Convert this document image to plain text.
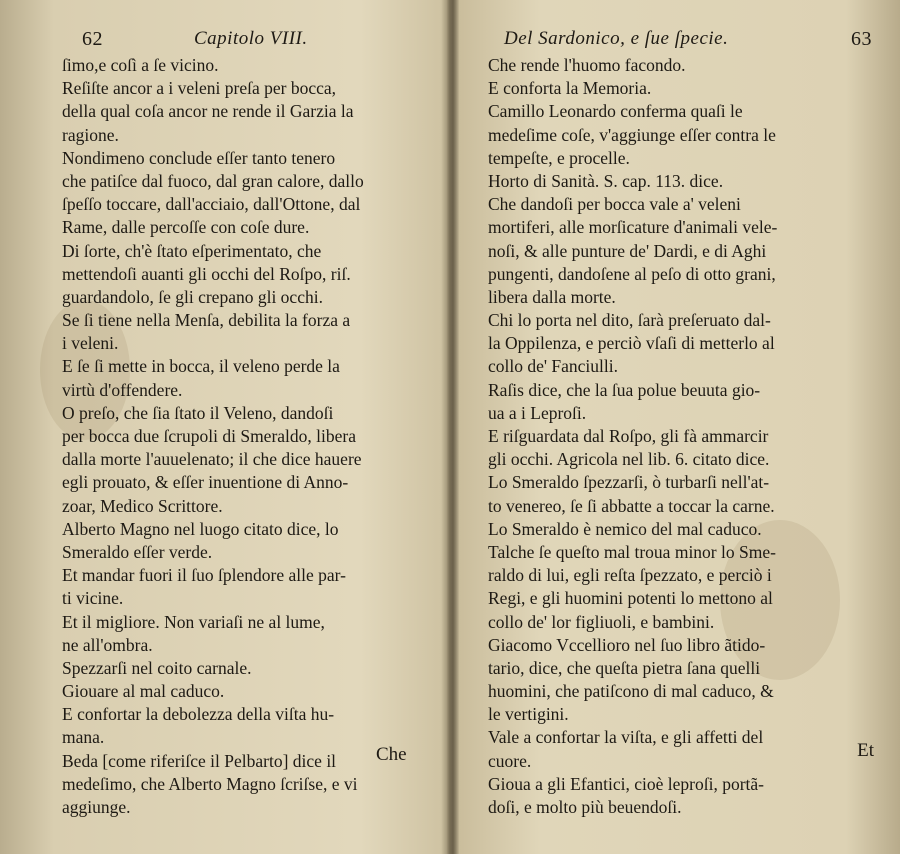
62	Capitolo VIII.
ſimo,e coſì a ſe vicino.
Reſiſte ancor a i veleni preſa per bocca,
della qual coſa ancor ne rende il Garzia la
ragione.
Nondimeno conclude eſſer tanto tenero
che patiſce dal fuoco, dal gran calore, dallo
ſpeſſo toccare, dall'acciaio, dall'Ottone, dal
Rame, dalle percoſſe con coſe dure.
Di ſorte, ch'è ſtato eſperimentato, che
mettendoſi auanti gli occhi del Roſpo, riſ.
guardandolo, ſe gli crepano gli occhi.
Se ſi tiene nella Menſa, debilita la forza a
i veleni.
E ſe ſi mette in bocca, il veleno perde la
virtù d'offendere.
O preſo, che ſia ſtato il Veleno, dandoſi
per bocca due ſcrupoli di Smeraldo, libera
dalla morte l'auuelenato; il che dice hauere
egli prouato, & eſſer inuentione di Anno-
zoar, Medico Scrittore.
Alberto Magno nel luogo citato dice, lo
Smeraldo eſſer verde.
Et mandar fuori il ſuo ſplendore alle par-
ti vicine.
Et il migliore. Non variaſi ne al lume,
ne all'ombra.
Spezzarſi nel coito carnale.
Giouare al mal caduco.
E confortar la debolezza della viſta hu-
mana.
Beda [come riferiſce il Pelbarto] dice il
medeſimo, che Alberto Magno ſcriſse, e vi
aggiunge.
Che
Del Sardonico, e ſue ſpecie.	63
Che rende l'huomo facondo.
E conforta la Memoria.
Camillo Leonardo conferma quaſi le
medeſime coſe, v'aggiunge eſſer contra le
tempeſte, e procelle.
Horto di Sanità. S. cap. 113. dice.
Che dandoſi per bocca vale a' veleni
mortiferi, alle morſicature d'animali vele-
noſi, & alle punture de' Dardi, e di Aghi
pungenti, dandoſene al peſo di otto grani,
libera dalla morte.
Chi lo porta nel dito, ſarà preſeruato dal-
la Oppilenza, e perciò vſaſi di metterlo al
collo de' Fanciulli.
Raſis dice, che la ſua polue beuuta gio-
ua a i Leproſi.
E riſguardata dal Roſpo, gli fà ammarcir
gli occhi. Agricola nel lib. 6. citato dice.
Lo Smeraldo ſpezzarſi, ò turbarſi nell'at-
to venereo, ſe ſi abbatte a toccar la carne.
Lo Smeraldo è nemico del mal caduco.
Talche ſe queſto mal troua minor lo Sme-
raldo di lui, egli reſta ſpezzato, e perciò i
Regi, e gli huomini potenti lo mettono al
collo de' lor figliuoli, e bambini.
Giacomo Vccellioro nel ſuo libro ãtido-
tario, dice, che queſta pietra ſana quelli
huomini, che patiſcono di mal caduco, &
le vertigini.
Vale a confortar la viſta, e gli affetti del
cuore.
Gioua a gli Efantici, cioè leproſi, portã-
doſi, e molto più beuendoſi.
Et
